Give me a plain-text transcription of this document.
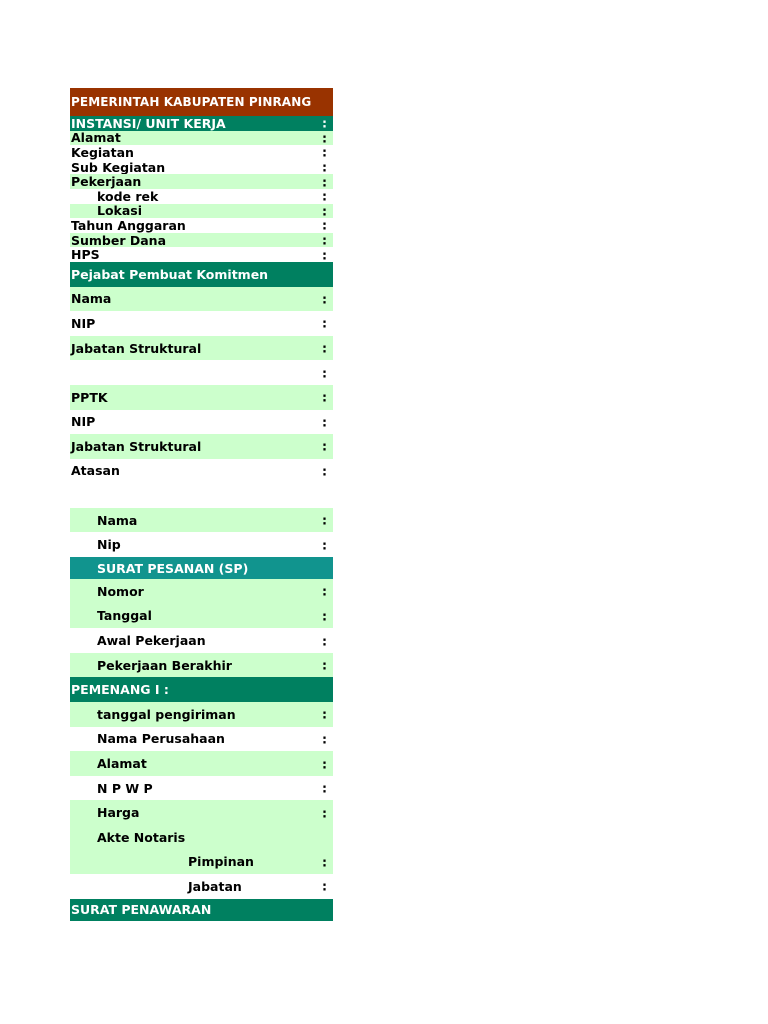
PEMERINTAH KABUPATEN PINRANG
INSTANSI/ UNIT KERJA	:
Alamat	:
Kegiatan	:
Sub Kegiatan	:
Pekerjaan	:
kode rek	:
Lokasi	:
Tahun Anggaran	:
Sumber Dana	:
HPS	:
Pejabat Pembuat Komitmen
Nama	:
NIP	:
Jabatan Struktural	:
:
PPTK	:
NIP	:
Jabatan Struktural	:
Atasan	:
Nama	:
Nip	:
SURAT PESANAN (SP)
Nomor	:
Tanggal	:
Awal Pekerjaan	:
Pekerjaan Berakhir	:
PEMENANG I :
tanggal pengiriman	:
Nama Perusahaan	:
Alamat	:
N P W P	:
Harga	:
Akte Notaris
Pimpinan	:
Jabatan	:
SURAT PENAWARAN
